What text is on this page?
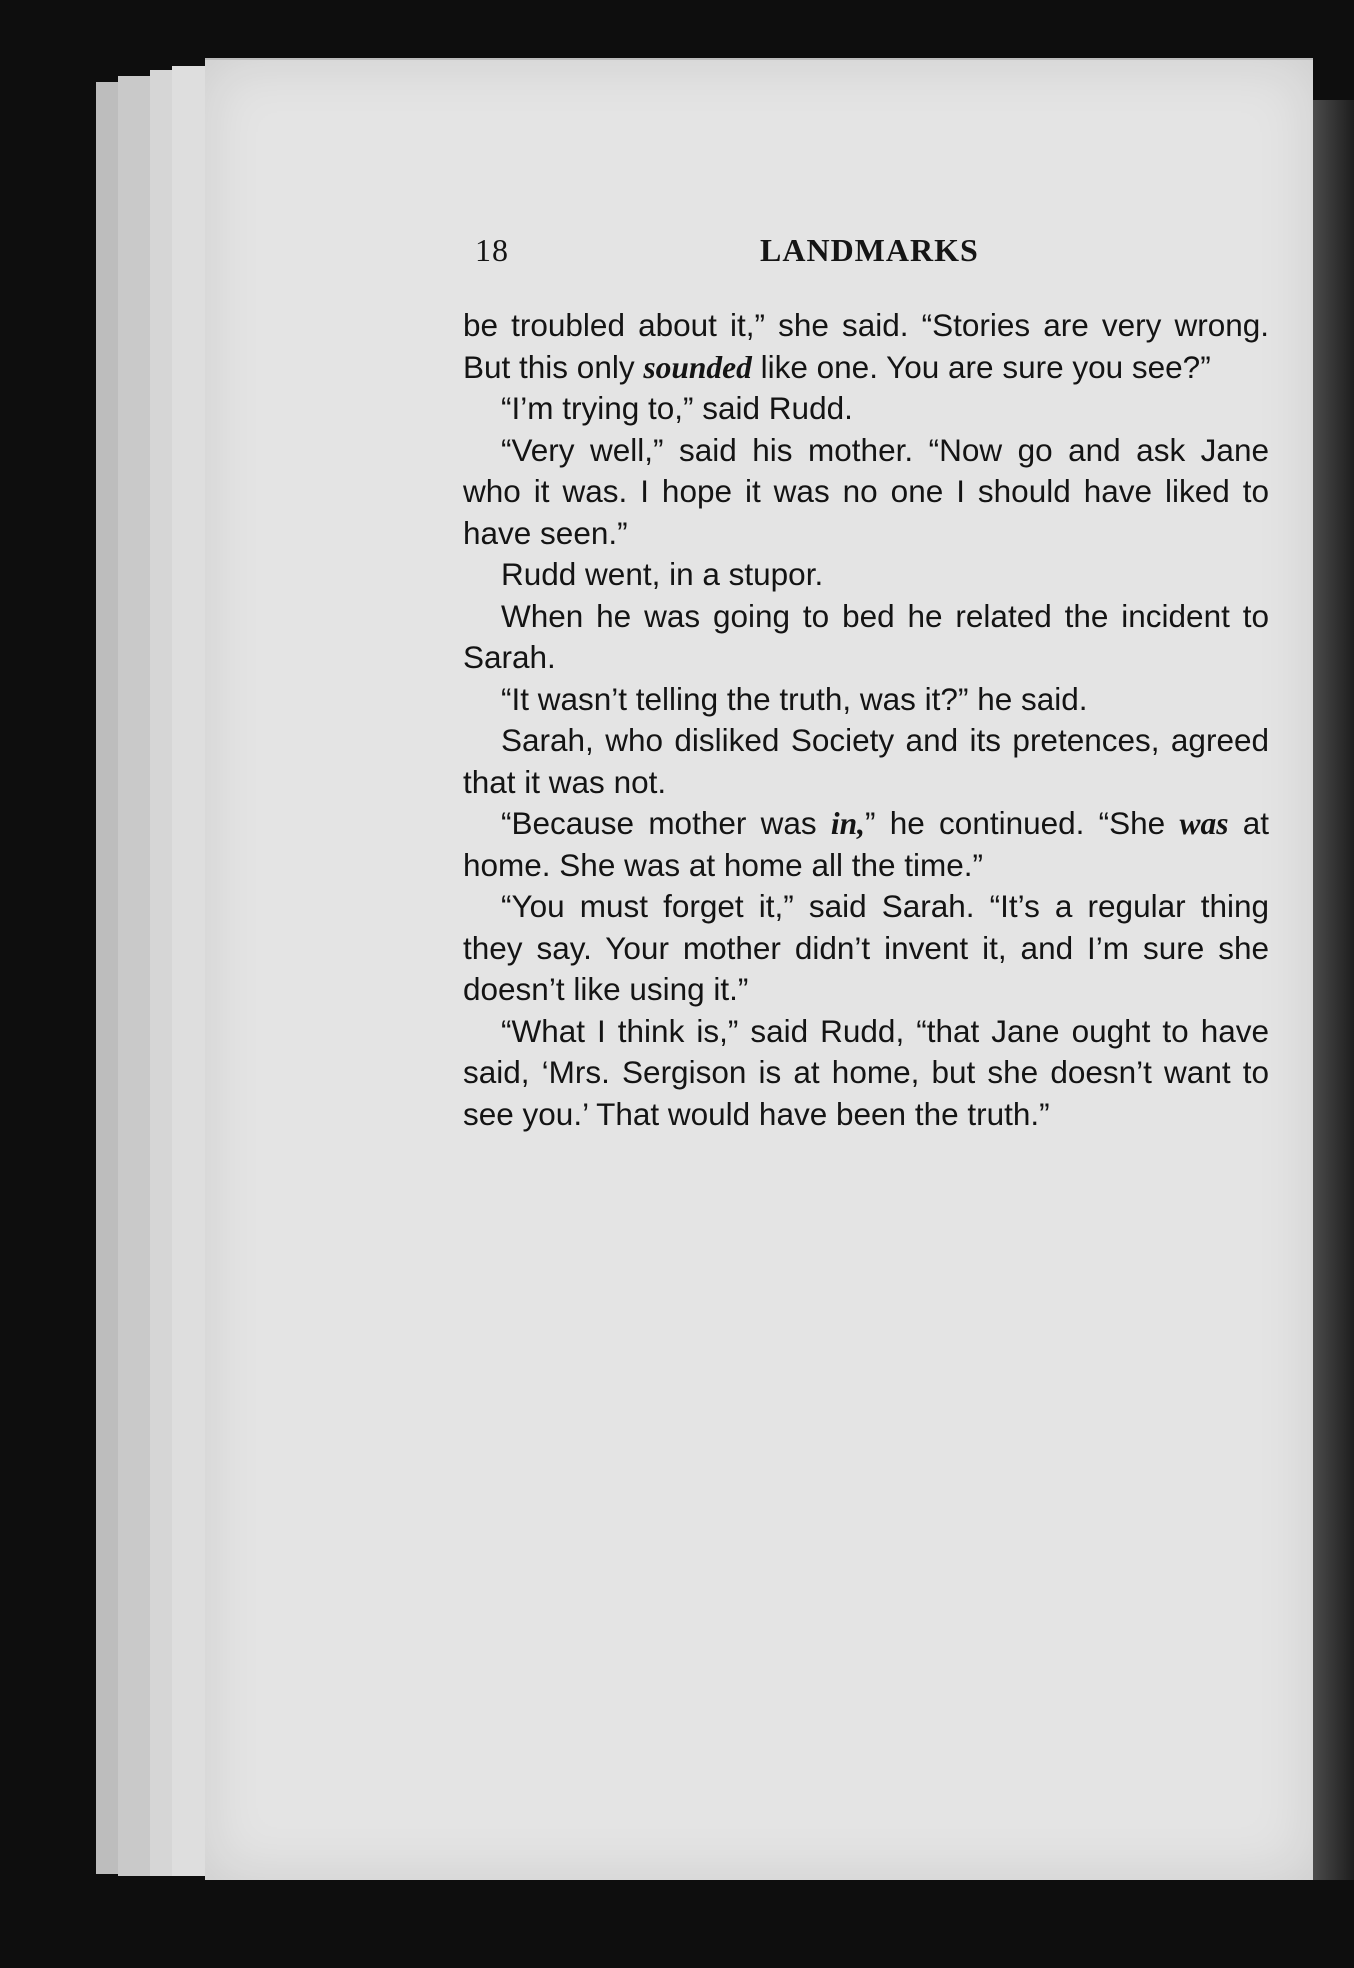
18	LANDMARKS

be troubled about it,” she said. “Stories are very wrong. But this only sounded like one. You are sure you see?”

“I’m trying to,” said Rudd.

“Very well,” said his mother. “Now go and ask Jane who it was. I hope it was no one I should have liked to have seen.”

Rudd went, in a stupor.

When he was going to bed he related the incident to Sarah.

“It wasn’t telling the truth, was it?” he said.

Sarah, who disliked Society and its pretences, agreed that it was not.

“Because mother was in,” he continued. “She was at home. She was at home all the time.”

“You must forget it,” said Sarah. “It’s a regular thing they say. Your mother didn’t invent it, and I’m sure she doesn’t like using it.”

“What I think is,” said Rudd, “that Jane ought to have said, ‘Mrs. Sergison is at home, but she doesn’t want to see you.’ That would have been the truth.”
